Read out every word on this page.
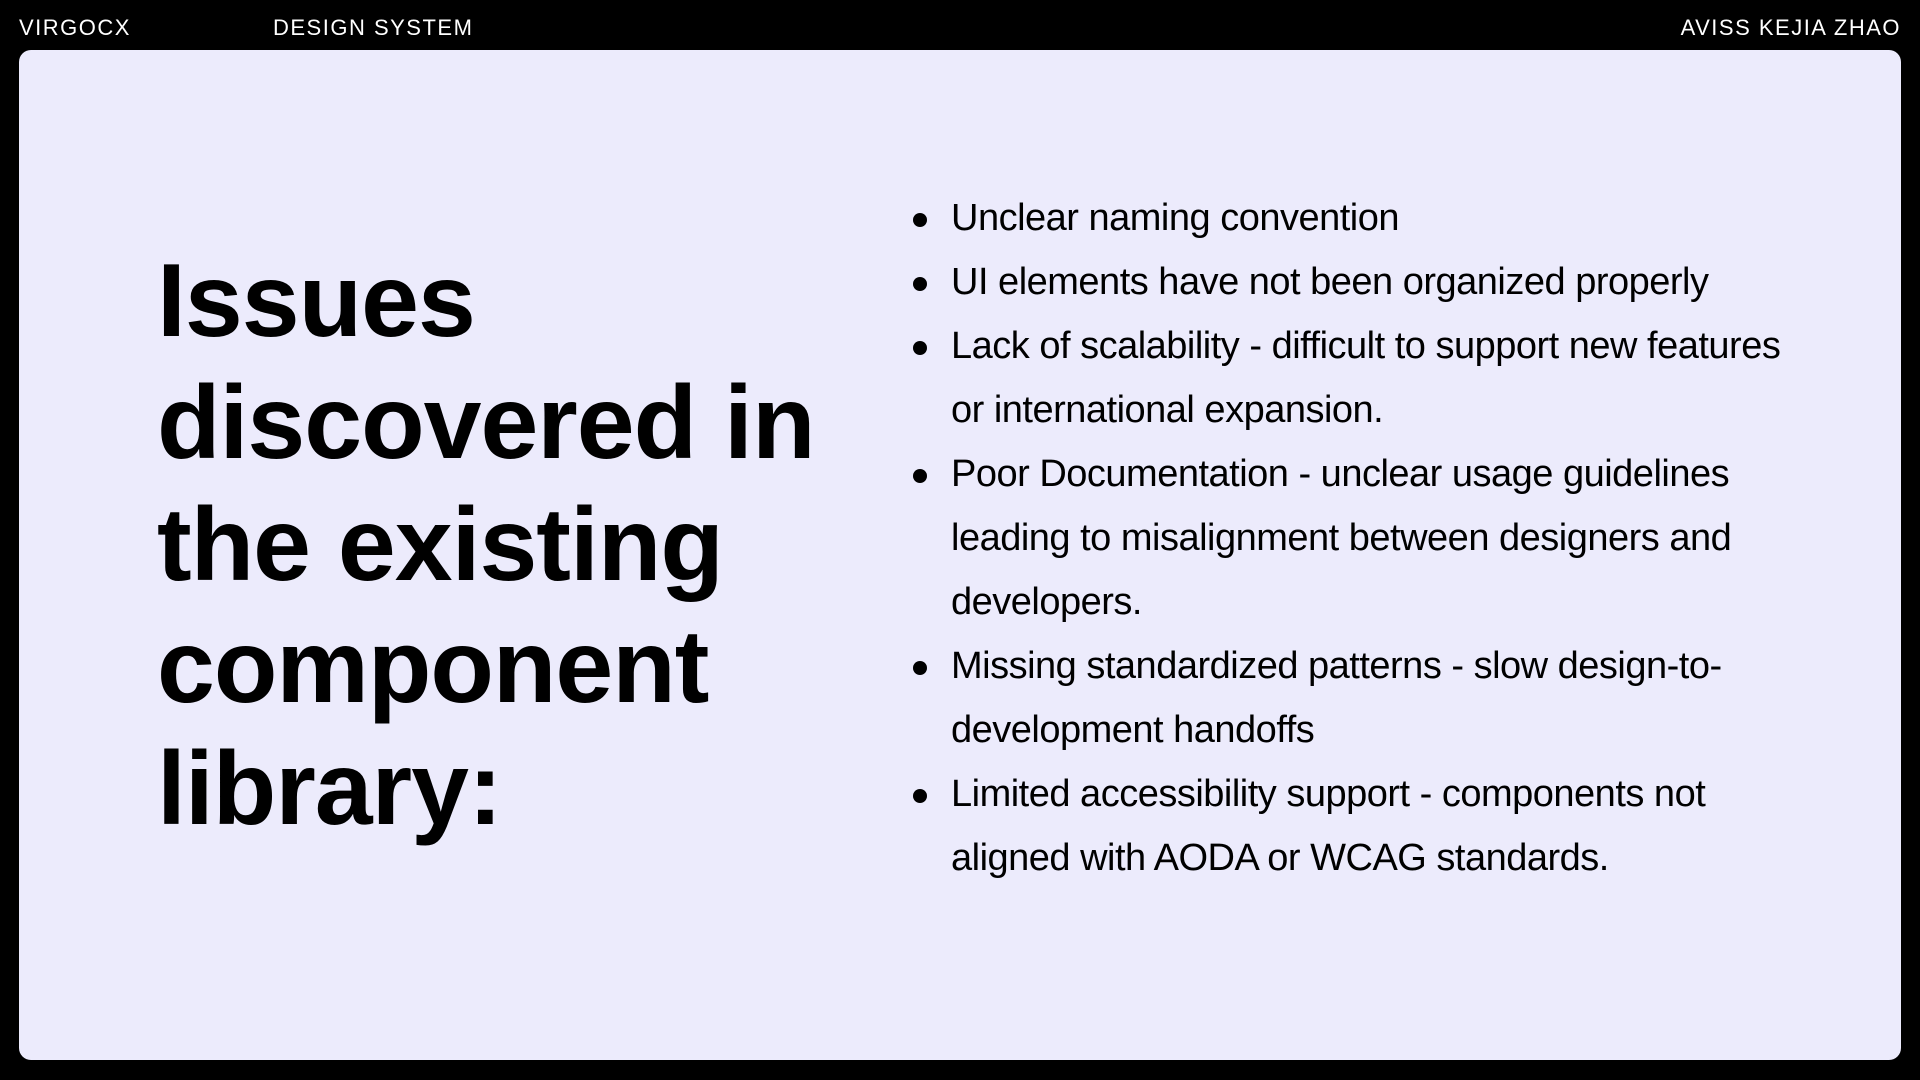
VIRGOCX	DESIGN SYSTEM	AVISS KEJIA ZHAO
Issues discovered in the existing component library:
Unclear naming convention
UI elements have not been organized properly
Lack of scalability - difficult to support new features or international expansion.
Poor Documentation - unclear usage guidelines leading to misalignment between designers and developers.
Missing standardized patterns - slow design-to-development handoffs
Limited accessibility support - components not aligned with AODA or WCAG standards.
